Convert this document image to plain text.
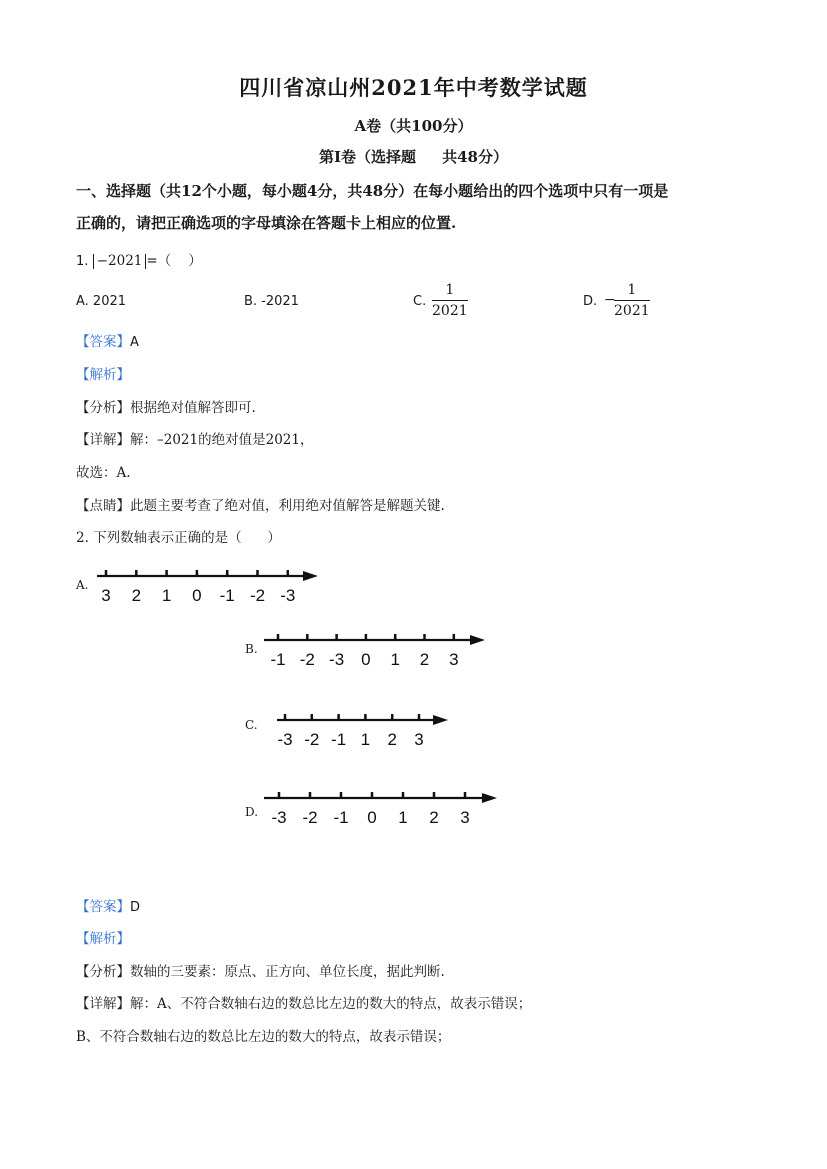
四川省凉山州2021年中考数学试题
A卷（共100分）
第I卷（选择题     共48分）
一、选择题（共12个小题，每小题4分，共48分）在每小题给出的四个选项中只有一项是
正确的，请把正确选项的字母填涂在答题卡上相应的位置.
1. −2021 =（    ）
A. 2021	B. -2021	C. $\frac{1}{2021}$	D. −
$\frac{1}{2021}$
【答案】A
【解析】
【分析】根据绝对值解答即可.
【详解】解：–2021的绝对值是2021，
故选：A.
【点睛】此题主要考查了绝对值，利用绝对值解答是解题关键.
2. 下列数轴表示正确的是（      ）
A.
3 2 1 0 -1 -2 -3
-1 -2 -3 0 1 2 3
-3 -2 -1 1 2 3
-3 -2 -1 0 1 2 3
B.
C.
D.
【答案】D
【解析】
【分析】数轴的三要素：原点、正方向、单位长度，据此判断.
【详解】解：A、不符合数轴右边的数总比左边的数大的特点，故表示错误；
B、不符合数轴右边的数总比左边的数大的特点，故表示错误；
